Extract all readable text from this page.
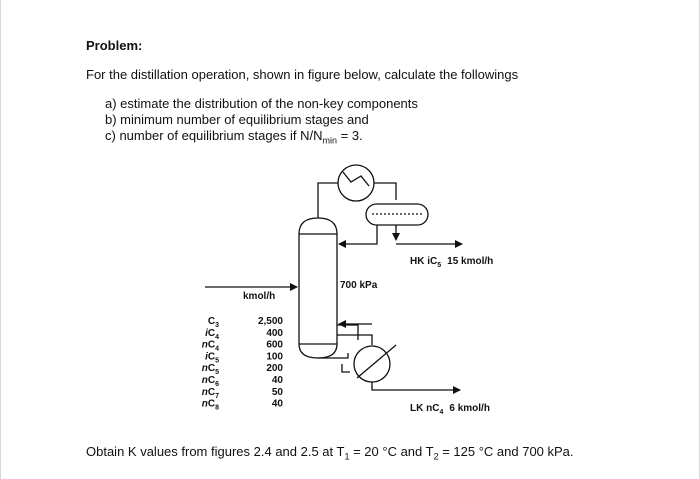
Problem:
For the distillation operation, shown in figure below, calculate the followings
a) estimate the distribution of the non-key components
b) minimum number of equilibrium stages and
c) number of equilibrium stages if $N/N_{min} = 3$.
Obtain K values from figures 2.4 and 2.5 at $T_1 = 20$ °C and $T_2 = 125$ °C and 700 kPa.
700 kPa
HK $iC_5$ 15 kmol/h
LK $nC_4$ 6 kmol/h
kmol/h
$C_3$	2,500
$iC_4$	400
$nC_4$	600
$iC_5$	100
$nC_5$	200
$nC_6$	40
$nC_7$	50
$nC_8$	40
